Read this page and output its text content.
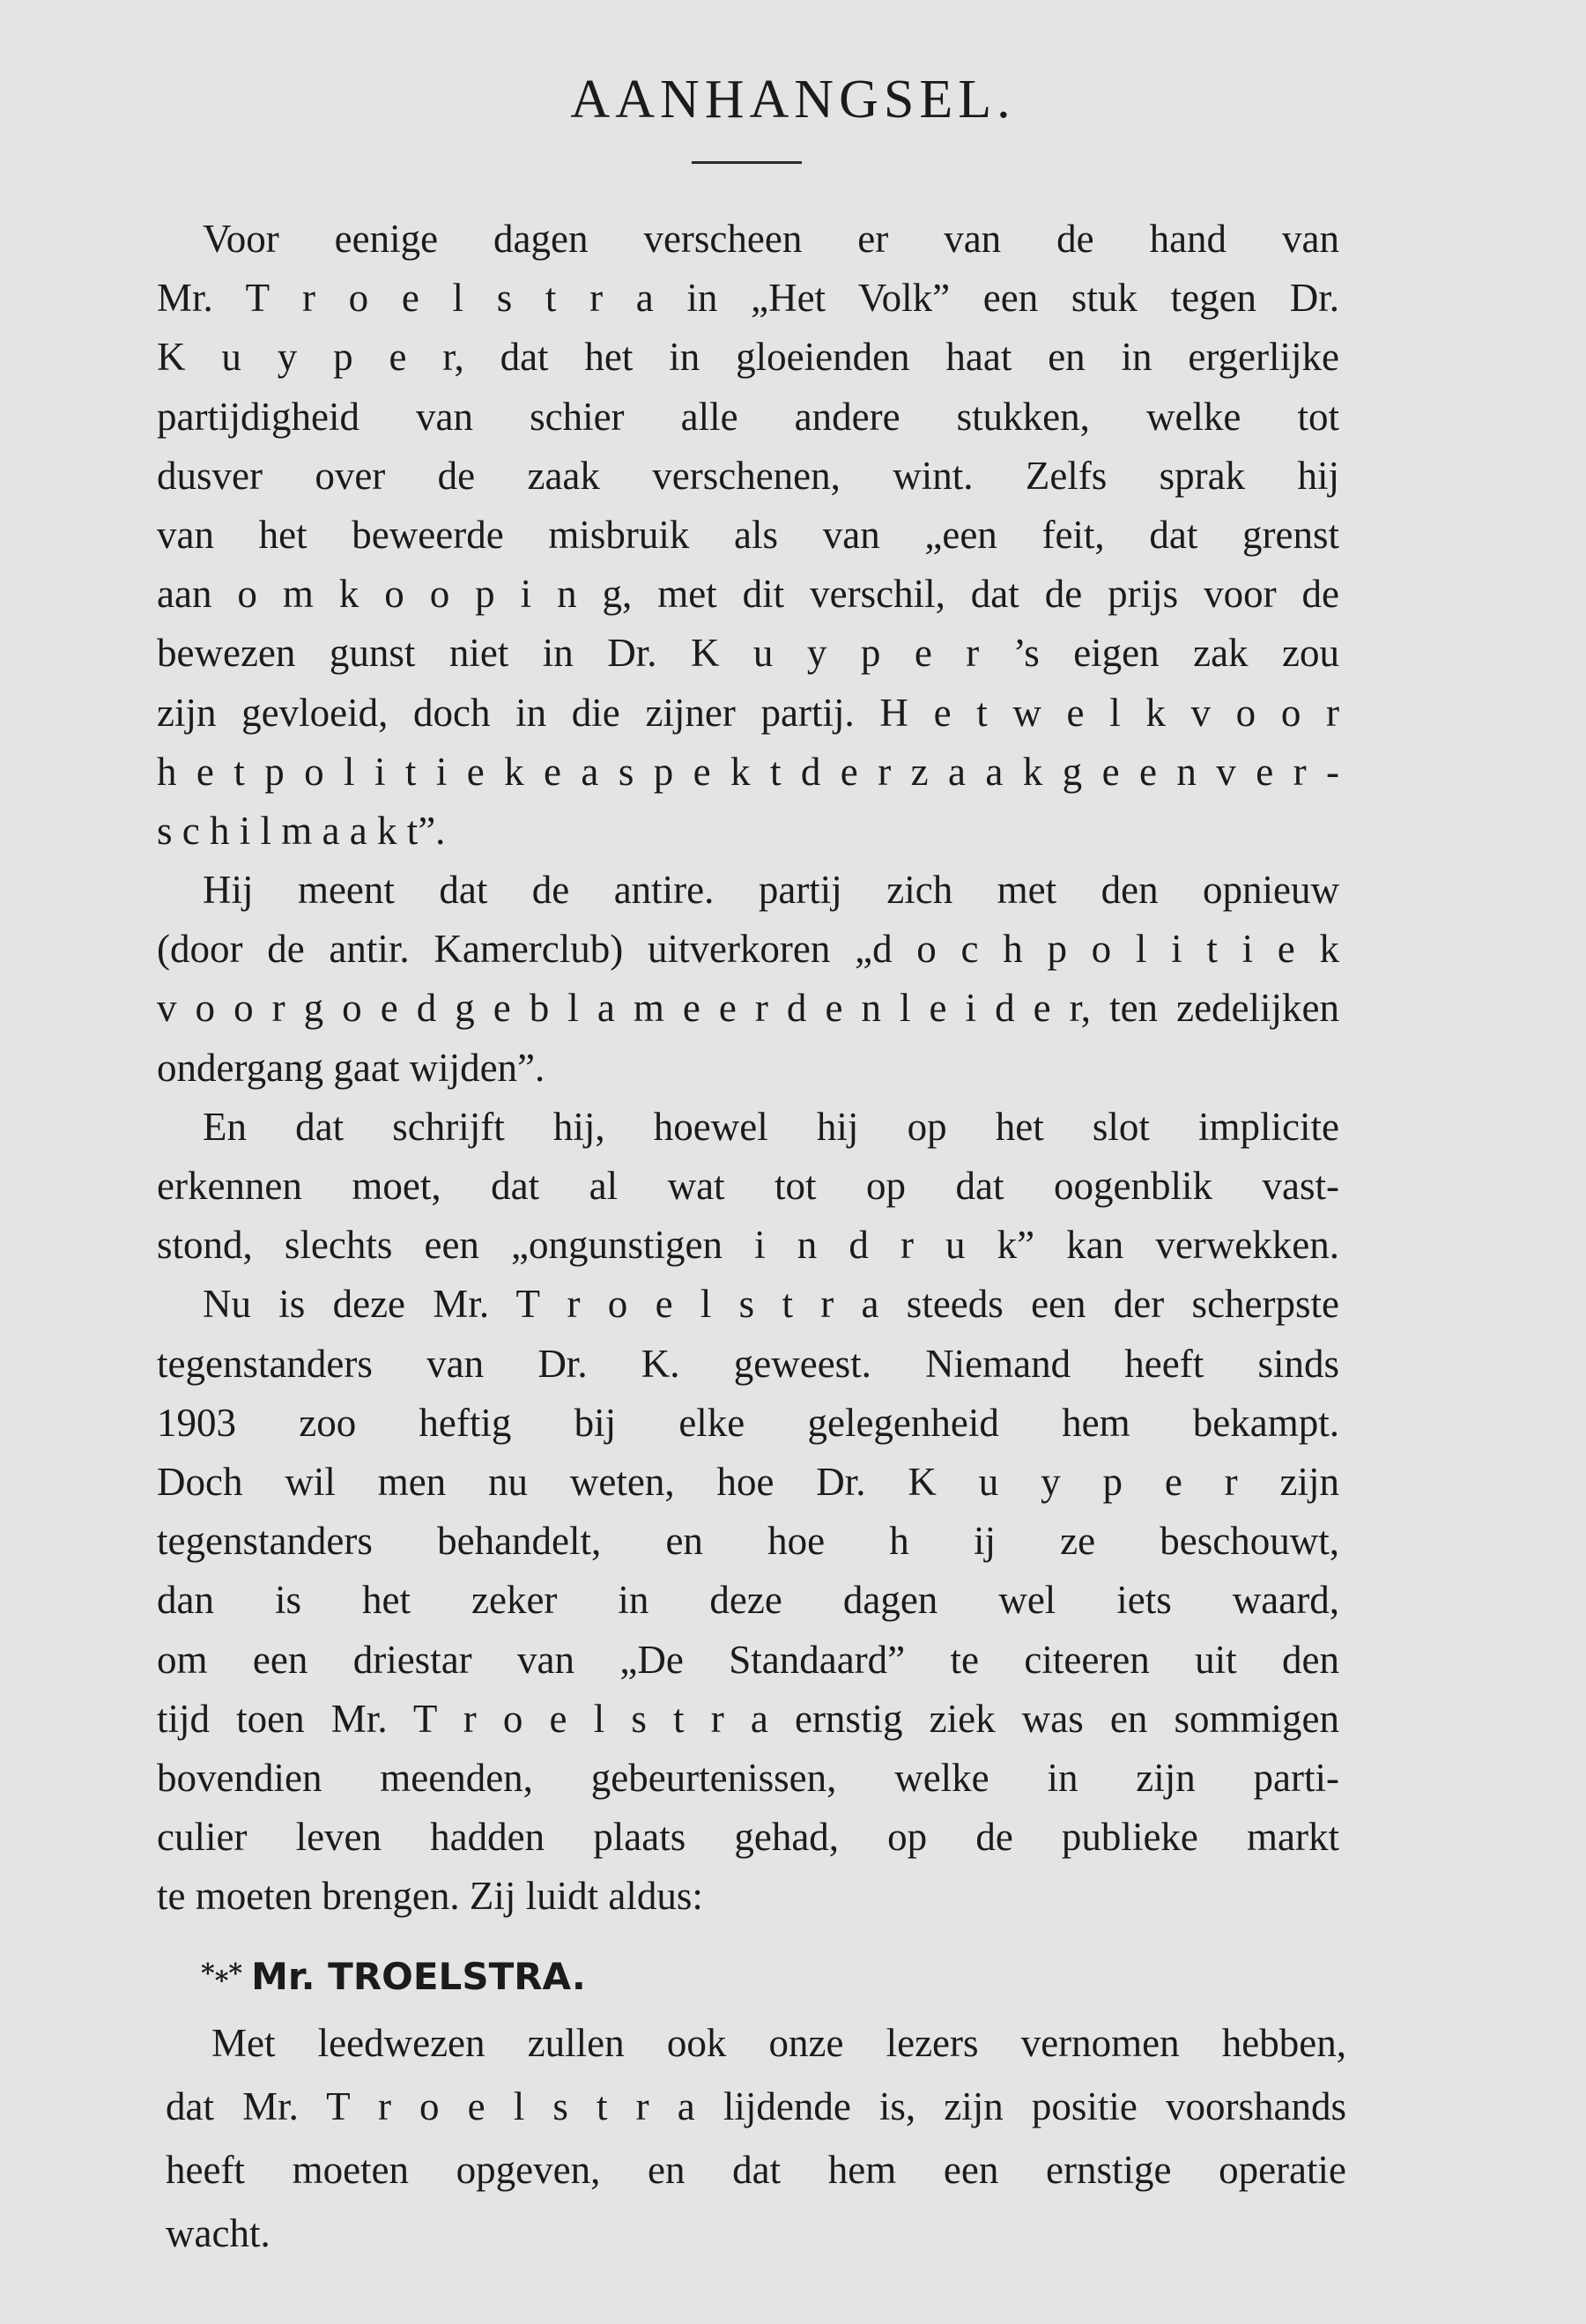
AANHANGSEL.
Voor eenige dagen verscheen er van de hand van
Mr. T r o e l s t r a in „Het Volk” een stuk tegen Dr.
K u y p e r, dat het in gloeienden haat en in ergerlijke
partijdigheid van schier alle andere stukken, welke tot
dusver over de zaak verschenen, wint. Zelfs sprak hij
van het beweerde misbruik als van „een feit, dat grenst
aan o m k o o p i n g, met dit verschil, dat de prijs voor de
bewezen gunst niet in Dr. K u y p e r ’s eigen zak zou
zijn gevloeid, doch in die zijner partij. H e t w e l k v o o r
h e t p o l i t i e k e a s p e k t d e r z a a k g e e n v e r -
s c h i l m a a k t”.
Hij meent dat de antire. partij zich met den opnieuw
(door de antir. Kamerclub) uitverkoren „d o c h p o l i t i e k
v o o r g o e d g e b l a m e e r d e n l e i d e r, ten zedelijken
ondergang gaat wijden”.
En dat schrijft hij, hoewel hij op het slot implicite
erkennen moet, dat al wat tot op dat oogenblik vast-
stond, slechts een „ongunstigen i n d r u k” kan verwekken.
Nu is deze Mr. T r o e l s t r a steeds een der scherpste
tegenstanders van Dr. K. geweest. Niemand heeft sinds
1903 zoo heftig bij elke gelegenheid hem bekampt.
Doch wil men nu weten, hoe Dr. K u y p e r zijn
tegenstanders behandelt, en hoe h ij ze beschouwt,
dan is het zeker in deze dagen wel iets waard,
om een driestar van „De Standaard” te citeeren uit den
tijd toen Mr. T r o e l s t r a ernstig ziek was en sommigen
bovendien meenden, gebeurtenissen, welke in zijn parti-
culier leven hadden plaats gehad, op de publieke markt
te moeten brengen. Zij luidt aldus:
*⁎* Mr. TROELSTRA.
Met leedwezen zullen ook onze lezers vernomen hebben,
dat Mr. T r o e l s t r a lijdende is, zijn positie voorshands
heeft moeten opgeven, en dat hem een ernstige operatie
wacht.
